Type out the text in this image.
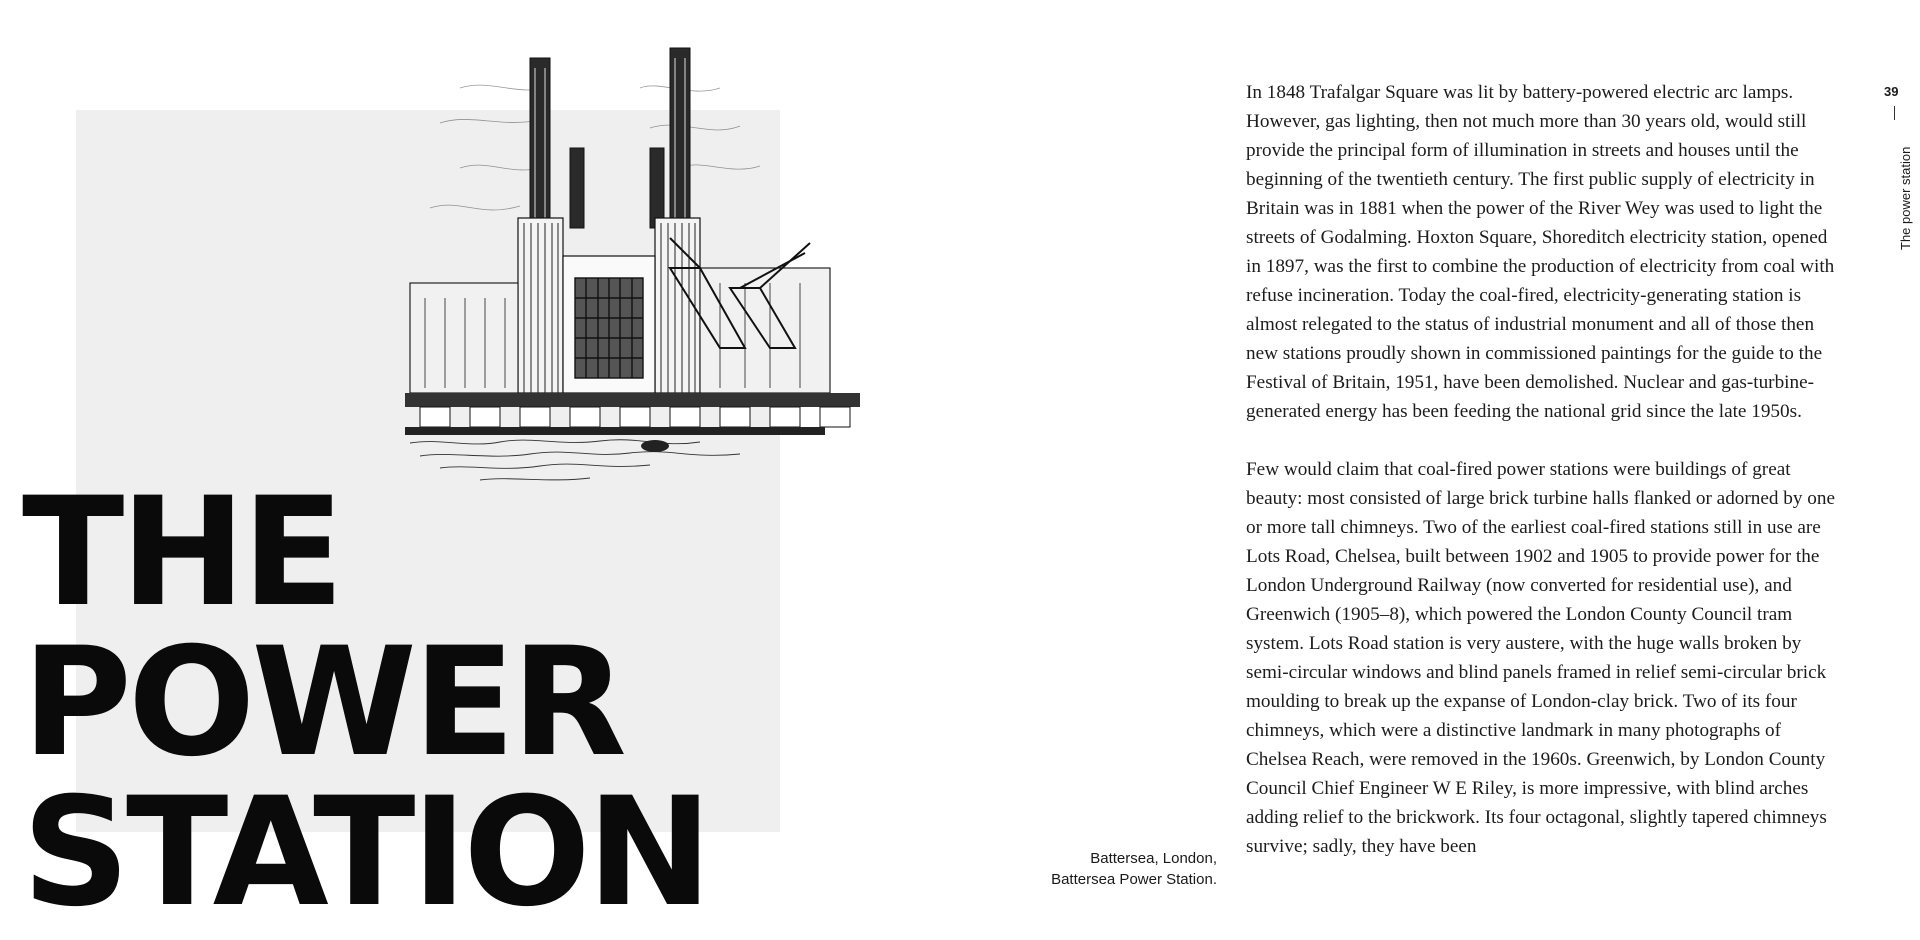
THE
POWER
STATION	Battersea, London,
Battersea Power Station.

In 1848 Trafalgar Square was lit by battery-powered electric arc lamps. However, gas lighting, then not much more than 30 years old, would still provide the principal form of illumination in streets and houses until the beginning of the twentieth century. The first public supply of electricity in Britain was in 1881 when the power of the River Wey was used to light the streets of Godalming. Hoxton Square, Shoreditch electricity station, opened in 1897, was the first to combine the production of electricity from coal with refuse incineration. Today the coal-fired, electricity-generating station is almost relegated to the status of industrial monument and all of those then new stations proudly shown in commissioned paintings for the guide to the Festival of Britain, 1951, have been demolished. Nuclear and gas-turbine-generated energy has been feeding the national grid since the late 1950s.

Few would claim that coal-fired power stations were buildings of great beauty: most consisted of large brick turbine halls flanked or adorned by one or more tall chimneys. Two of the earliest coal-fired stations still in use are Lots Road, Chelsea, built between 1902 and 1905 to provide power for the London Underground Railway (now converted for residential use), and Greenwich (1905–8), which powered the London County Council tram system. Lots Road station is very austere, with the huge walls broken by semi-circular windows and blind panels framed in relief semi-circular brick moulding to break up the expanse of London-clay brick. Two of its four chimneys, which were a distinctive landmark in many photographs of Chelsea Reach, were removed in the 1960s. Greenwich, by London County Council Chief Engineer W E Riley, is more impressive, with blind arches adding relief to the brickwork. Its four octagonal, slightly tapered chimneys survive; sadly, they have been

39
The power station
